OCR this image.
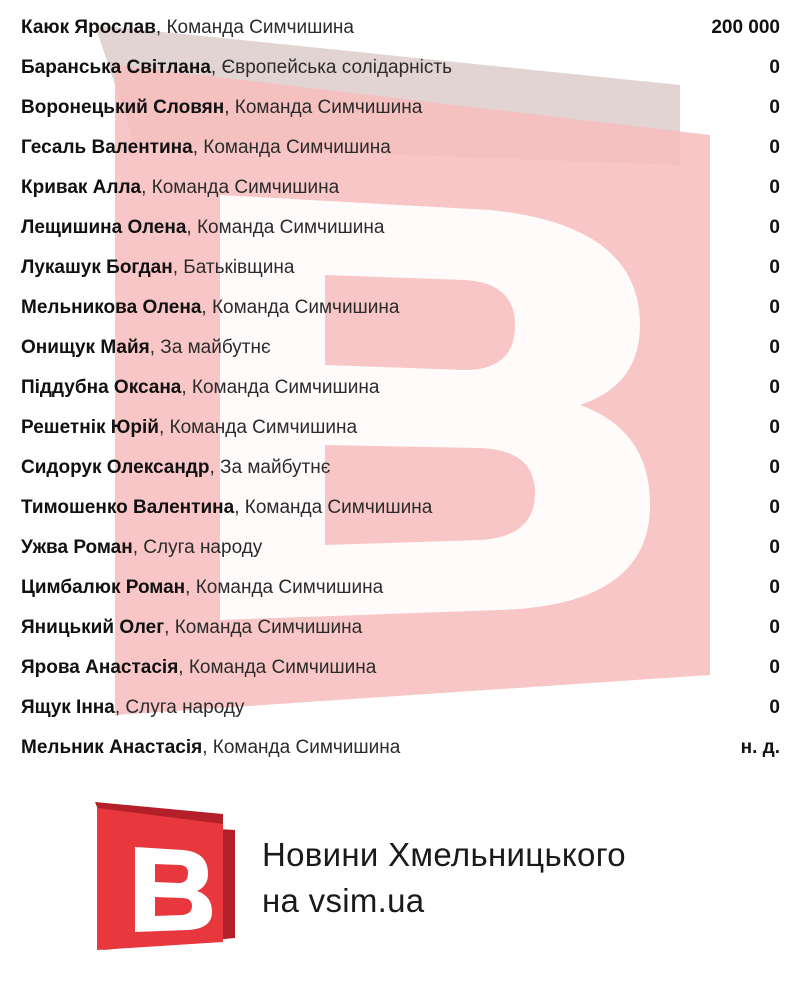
Каюк Ярослав, Команда Симчишина	200 000
Баранська Світлана, Європейська солідарність	0
Воронецький Словян, Команда Симчишина	0
Гесаль Валентина, Команда Симчишина	0
Кривак Алла, Команда Симчишина	0
Лещишина Олена, Команда Симчишина	0
Лукашук Богдан, Батьківщина	0
Мельникова Олена, Команда Симчишина	0
Онищук Майя, За майбутнє	0
Піддубна Оксана, Команда Симчишина	0
Решетнік Юрій, Команда Симчишина	0
Сидорук Олександр, За майбутнє	0
Тимошенко Валентина, Команда Симчишина	0
Ужва Роман, Слуга народу	0
Цимбалюк Роман, Команда Симчишина	0
Яницький Олег, Команда Симчишина	0
Ярова Анастасія, Команда Симчишина	0
Ящук Інна, Слуга народу	0
Мельник Анастасія, Команда Симчишина	н. д.
Новини Хмельницького
на vsim.ua
